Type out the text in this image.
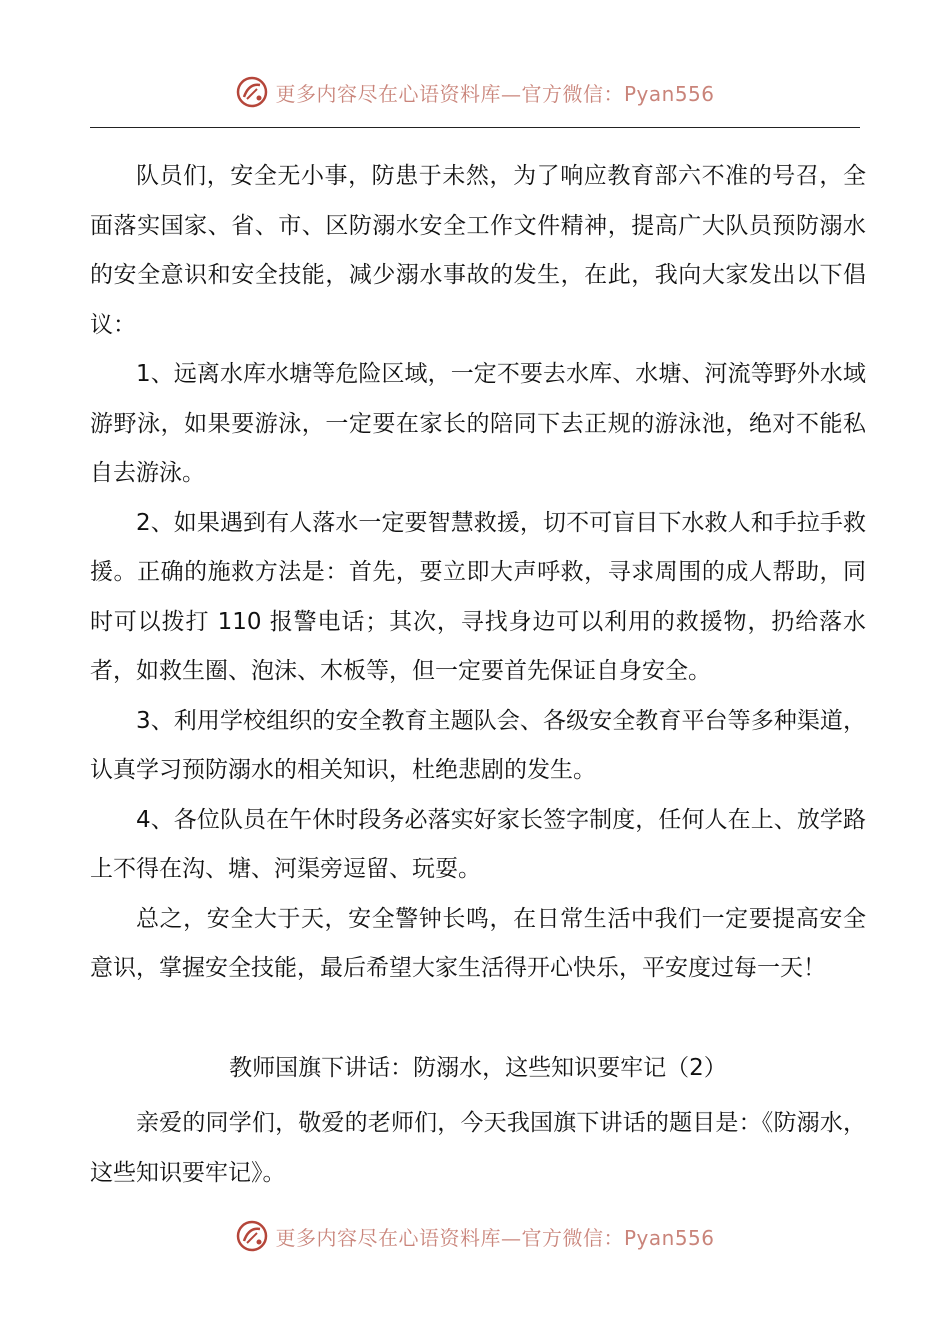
更多内容尽在心语资料库—官方微信：Pyan556

队员们，安全无小事，防患于未然，为了响应教育部六不准的号召，全面落实国家、省、市、区防溺水安全工作文件精神，提高广大队员预防溺水的安全意识和安全技能，减少溺水事故的发生，在此，我向大家发出以下倡议：

1、远离水库水塘等危险区域，一定不要去水库、水塘、河流等野外水域游野泳，如果要游泳，一定要在家长的陪同下去正规的游泳池，绝对不能私自去游泳。

2、如果遇到有人落水一定要智慧救援，切不可盲目下水救人和手拉手救援。正确的施救方法是：首先，要立即大声呼救，寻求周围的成人帮助，同时可以拨打 110 报警电话；其次，寻找身边可以利用的救援物，扔给落水者，如救生圈、泡沫、木板等，但一定要首先保证自身安全。

3、利用学校组织的安全教育主题队会、各级安全教育平台等多种渠道，认真学习预防溺水的相关知识，杜绝悲剧的发生。

4、各位队员在午休时段务必落实好家长签字制度，任何人在上、放学路上不得在沟、塘、河渠旁逗留、玩耍。

总之，安全大于天，安全警钟长鸣，在日常生活中我们一定要提高安全意识，掌握安全技能，最后希望大家生活得开心快乐，平安度过每一天！

教师国旗下讲话：防溺水，这些知识要牢记（2）

亲爱的同学们，敬爱的老师们，今天我国旗下讲话的题目是：《防溺水，这些知识要牢记》。

更多内容尽在心语资料库—官方微信：Pyan556
